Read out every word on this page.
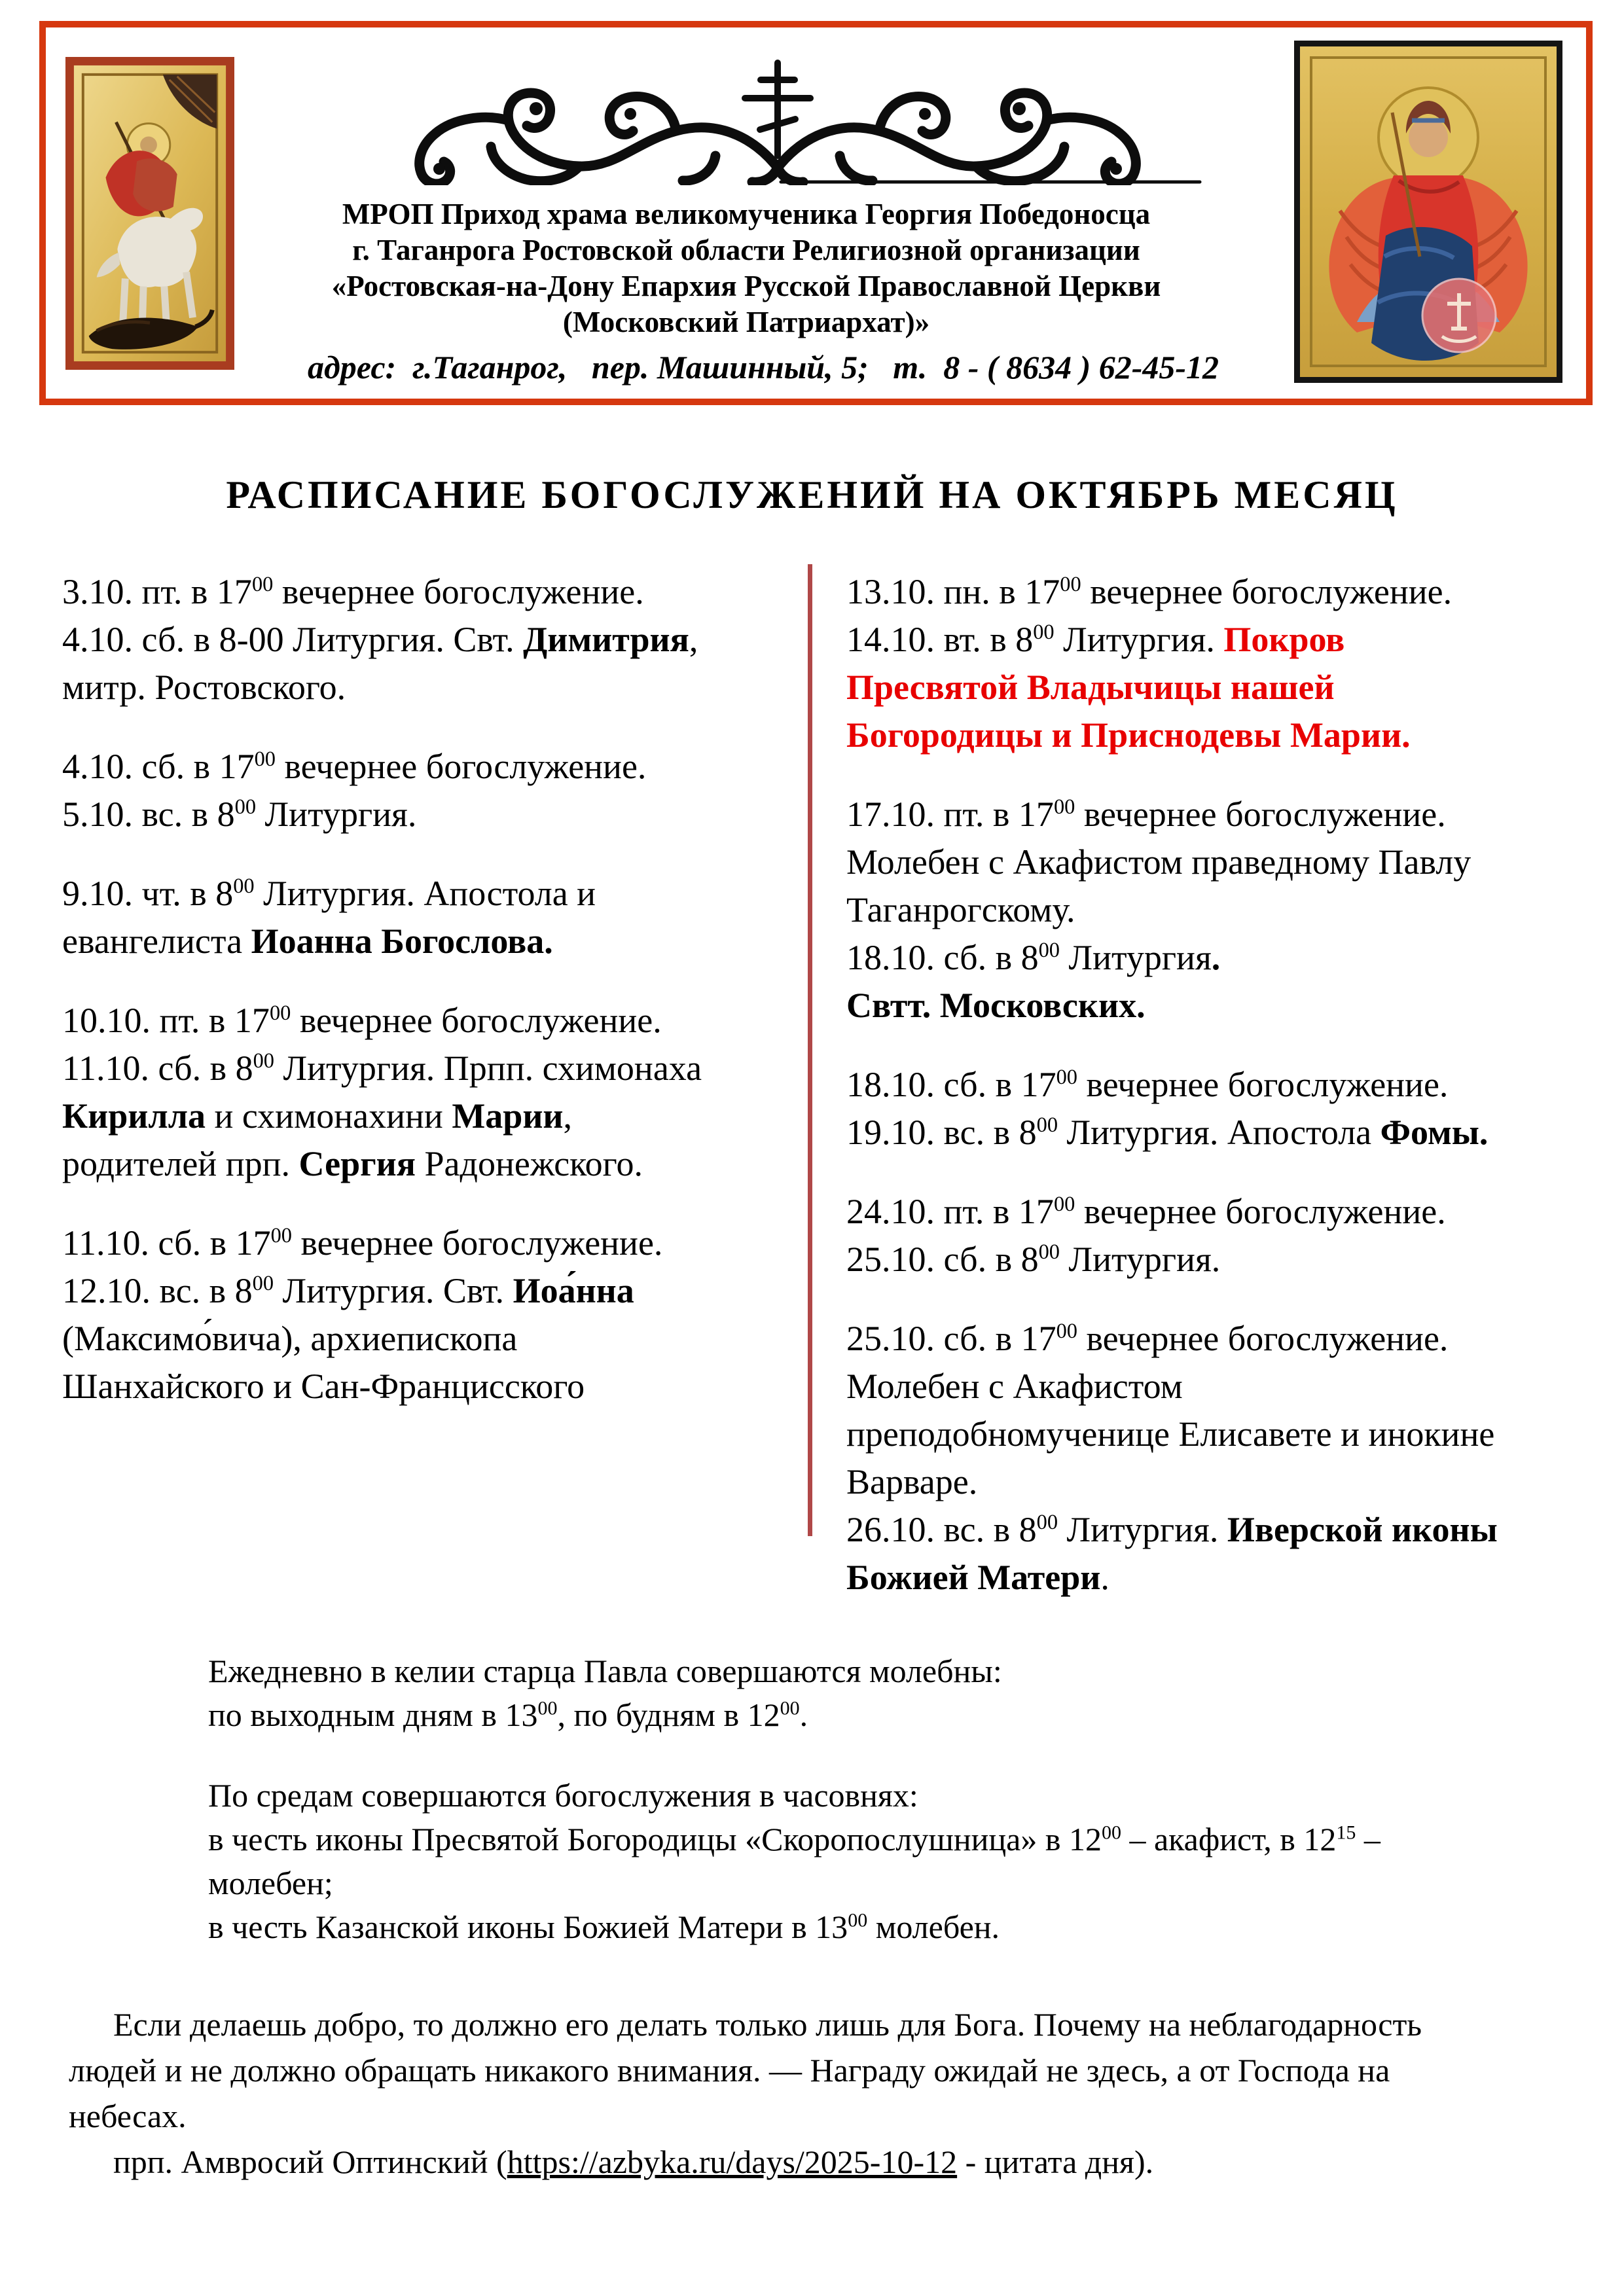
МРОП Приход храма великомученика Георгия Победоносца
г. Таганрога Ростовской области Религиозной организации
«Ростовская-на-Дону Епархия Русской Православной Церкви
(Московский Патриархат)»
адрес:  г.Таганрог,   пер. Машинный, 5;   т.  8 - ( 8634 ) 62-45-12
РАСПИСАНИЕ БОГОСЛУЖЕНИЙ НА ОКТЯБРЬ МЕСЯЦ
3.10. пт. в $17^{00}$ вечернее богослужение.
4.10. сб. в 8-00 Литургия. Свт. Димитрия,
митр. Ростовского.
4.10. сб. в $17^{00}$ вечернее богослужение.
5.10. вс. в $8^{00}$ Литургия.
9.10. чт. в $8^{00}$ Литургия. Апостола и
евангелиста Иоанна Богослова.
10.10. пт. в $17^{00}$ вечернее богослужение.
11.10. сб. в $8^{00}$ Литургия. Прпп. схимонаха
Кирилла и схимонахини Марии,
родителей прп. Сергия Радонежского.
11.10. сб. в $17^{00}$ вечернее богослужение.
12.10. вс. в $8^{00}$ Литургия. Свт. Иоа́нна
(Максимо́вича), архиепископа
Шанхайского и Сан-Францисского
13.10. пн. в $17^{00}$ вечернее богослужение.
14.10. вт. в $8^{00}$ Литургия. Покров
Пресвятой Владычицы нашей
Богородицы и Приснодевы Марии.
17.10. пт. в $17^{00}$ вечернее богослужение.
Молебен с Акафистом праведному Павлу
Таганрогскому.
18.10. сб. в $8^{00}$ Литургия.
Свтт. Московских.
18.10. сб. в $17^{00}$ вечернее богослужение.
19.10. вс. в $8^{00}$ Литургия. Апостола Фомы.
24.10. пт. в $17^{00}$ вечернее богослужение.
25.10. сб. в $8^{00}$ Литургия.
25.10. сб. в $17^{00}$ вечернее богослужение.
Молебен с Акафистом
преподобномученице Елисавете и инокине
Варваре.
26.10. вс. в $8^{00}$ Литургия. Иверской иконы
Божией Матери.
Ежедневно в келии старца Павла совершаются молебны:
по выходным дням в $13^{00}$, по будням в $12^{00}$.
По средам совершаются богослужения в часовнях:
в честь иконы Пресвятой Богородицы «Скоропослушница» в $12^{00}$ – акафист, в $12^{15}$ –
молебен;
в честь Казанской иконы Божией Матери в $13^{00}$ молебен.
Если делаешь добро, то должно его делать только лишь для Бога. Почему на неблагодарность
людей и не должно обращать никакого внимания. — Награду ожидай не здесь, а от Господа на
небесах.
прп. Амвросий Оптинский (https://azbyka.ru/days/2025-10-12 - цитата дня).
